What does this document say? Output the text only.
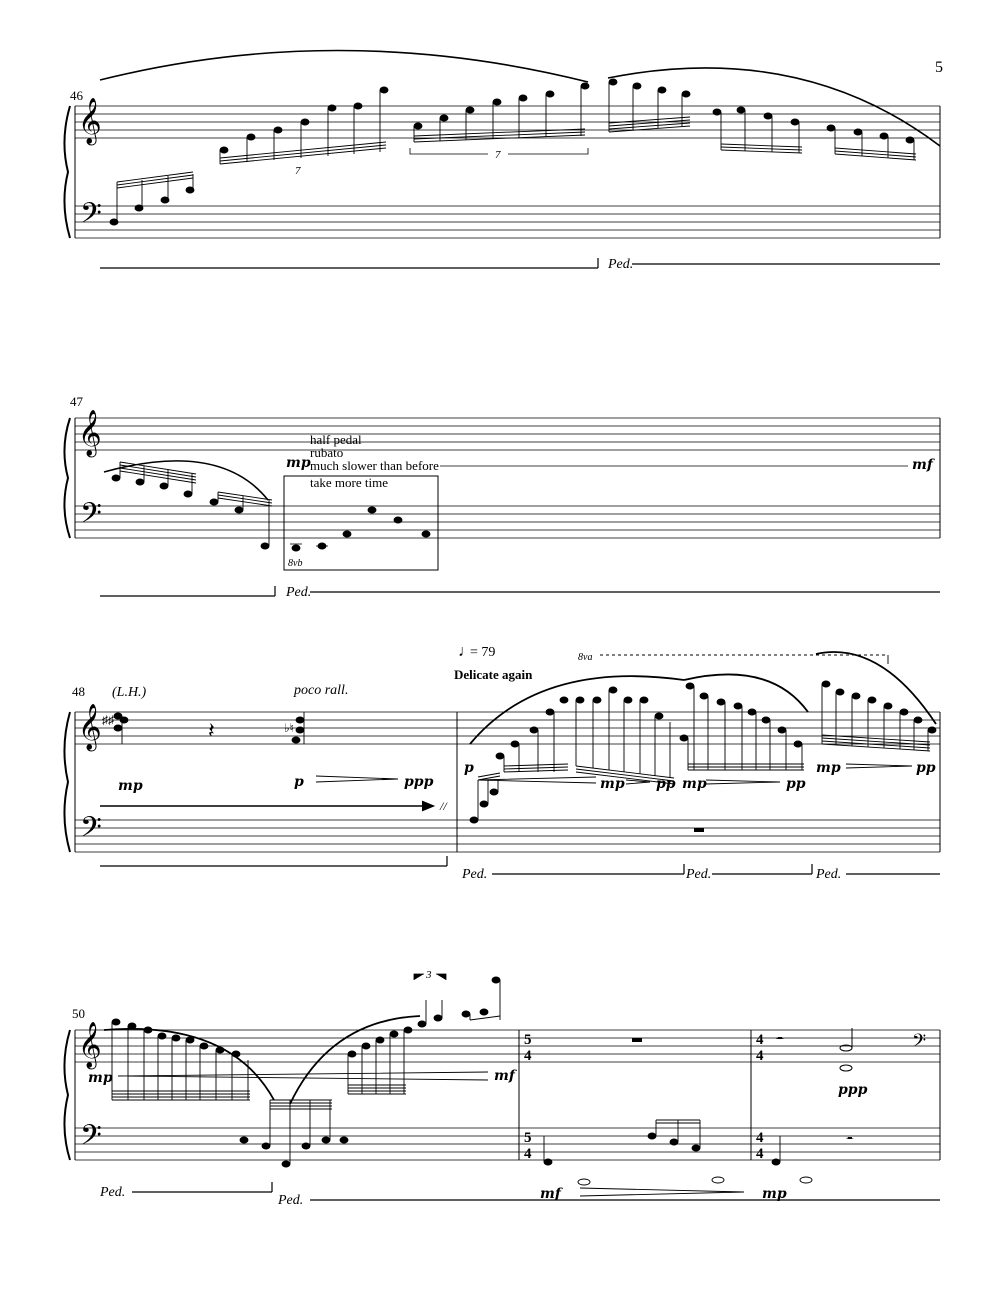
5
𝄞
𝄢
7
7
46
Ped.
𝄞
𝄢
47
mp
half pedal
rubato
much slower than before
take more time
8vb
mf
Ped.
𝄞
𝄢
♯♯	𝄽	♭♮
48 (L.H.)	poco rall.
♩
= 79
Delicate again
8va
//
mp	p	ppp
p
mp pp mp	pp
mp	pp
Ped.	Ped.	Ped.
𝄞
𝄢
𝄢
𝄼
𝄼
50
3
5
4
5
4
4
4
4
4
mp	mf
ppp
mf	mp
Ped.
Ped.
